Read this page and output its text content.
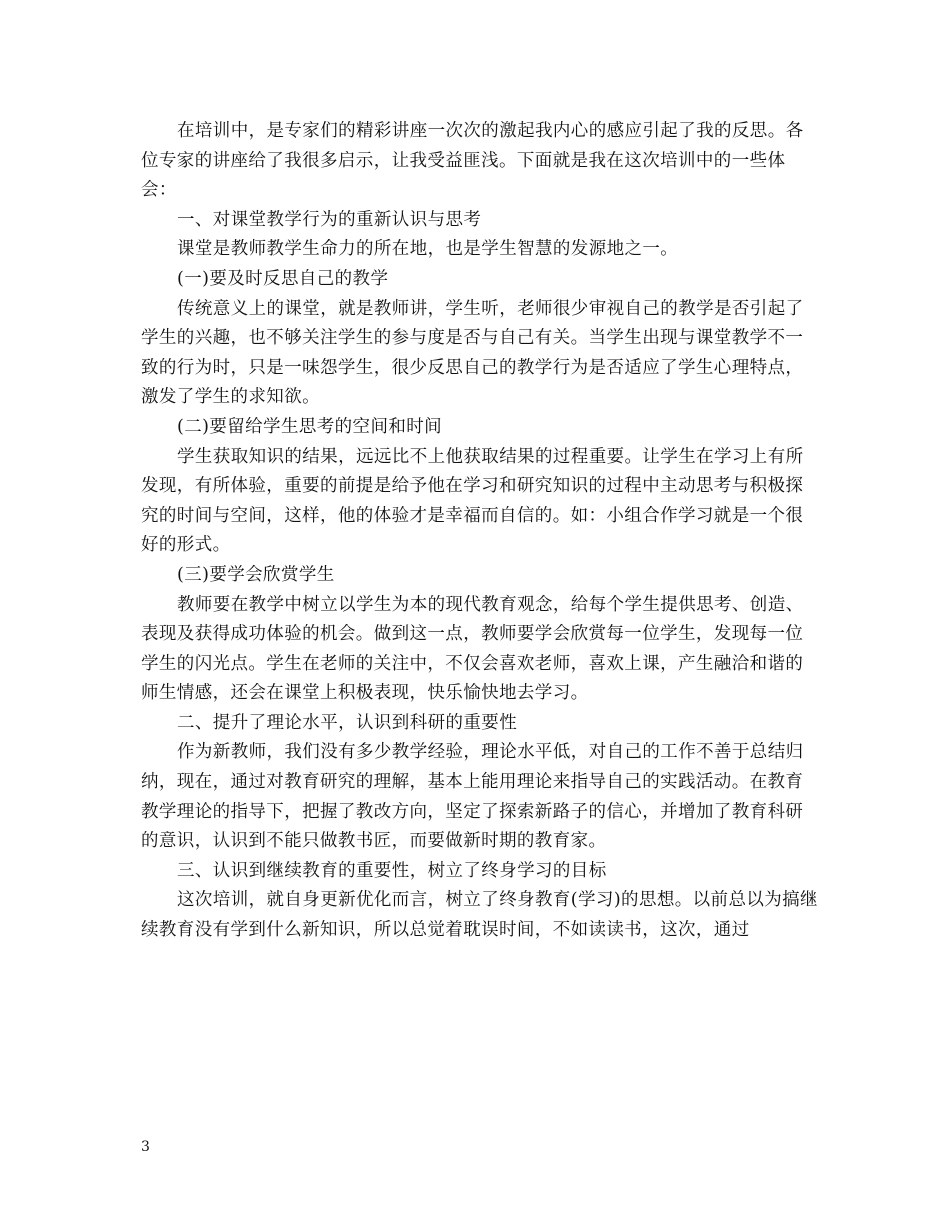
在培训中，是专家们的精彩讲座一次次的激起我内心的感应引起了我的反思。各位专家的讲座给了我很多启示，让我受益匪浅。下面就是我在这次培训中的一些体会：

一、对课堂教学行为的重新认识与思考

课堂是教师教学生命力的所在地，也是学生智慧的发源地之一。

(一)要及时反思自己的教学

传统意义上的课堂，就是教师讲，学生听，老师很少审视自己的教学是否引起了学生的兴趣，也不够关注学生的参与度是否与自己有关。当学生出现与课堂教学不一致的行为时，只是一味怨学生，很少反思自己的教学行为是否适应了学生心理特点，激发了学生的求知欲。

(二)要留给学生思考的空间和时间

学生获取知识的结果，远远比不上他获取结果的过程重要。让学生在学习上有所发现，有所体验，重要的前提是给予他在学习和研究知识的过程中主动思考与积极探究的时间与空间，这样，他的体验才是幸福而自信的。如：小组合作学习就是一个很好的形式。

(三)要学会欣赏学生

教师要在教学中树立以学生为本的现代教育观念，给每个学生提供思考、创造、表现及获得成功体验的机会。做到这一点，教师要学会欣赏每一位学生，发现每一位学生的闪光点。学生在老师的关注中，不仅会喜欢老师，喜欢上课，产生融洽和谐的师生情感，还会在课堂上积极表现，快乐愉快地去学习。

二、提升了理论水平，认识到科研的重要性

作为新教师，我们没有多少教学经验，理论水平低，对自己的工作不善于总结归纳，现在，通过对教育研究的理解，基本上能用理论来指导自己的实践活动。在教育教学理论的指导下，把握了教改方向，坚定了探索新路子的信心，并增加了教育科研的意识，认识到不能只做教书匠，而要做新时期的教育家。

三、认识到继续教育的重要性，树立了终身学习的目标

这次培训，就自身更新优化而言，树立了终身教育(学习)的思想。以前总以为搞继续教育没有学到什么新知识，所以总觉着耽误时间，不如读读书，这次，通过

3
